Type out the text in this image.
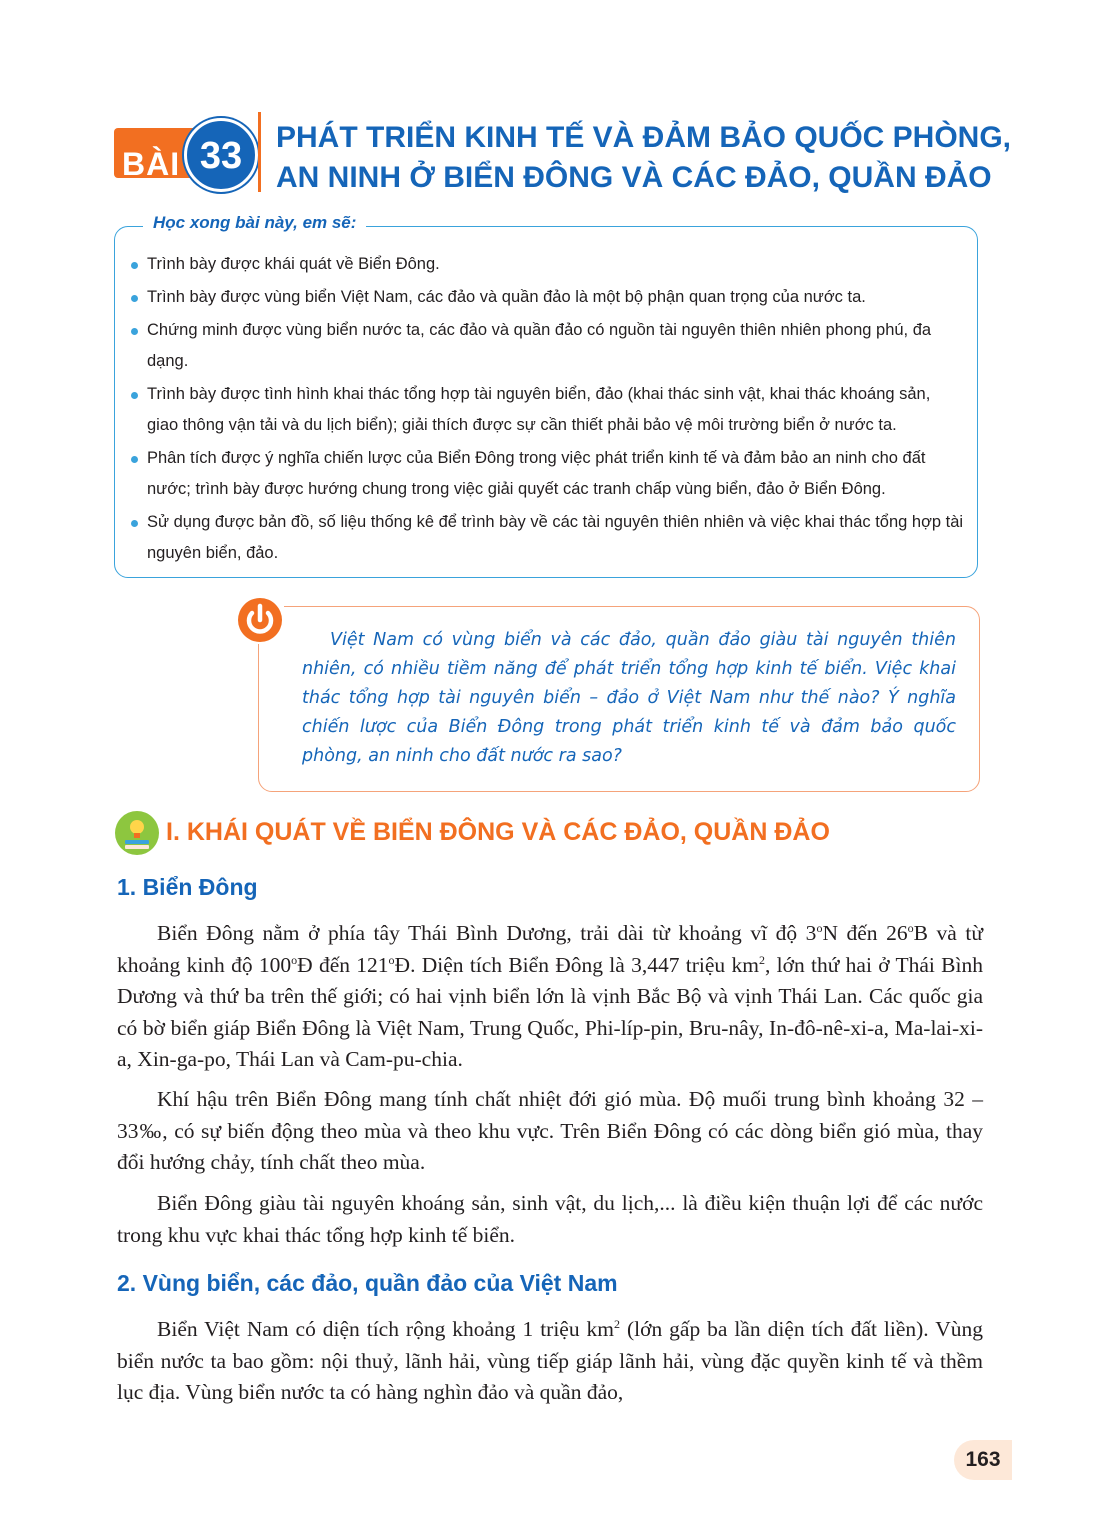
BÀI 33	PHÁT TRIỂN KINH TẾ VÀ ĐẢM BẢO QUỐC PHÒNG,
AN NINH Ở BIỂN ĐÔNG VÀ CÁC ĐẢO, QUẦN ĐẢO
Học xong bài này, em sẽ:
Trình bày được khái quát về Biển Đông.
Trình bày được vùng biển Việt Nam, các đảo và quần đảo là một bộ phận quan trọng của nước ta.
Chứng minh được vùng biển nước ta, các đảo và quần đảo có nguồn tài nguyên thiên nhiên phong phú, đa dạng.
Trình bày được tình hình khai thác tổng hợp tài nguyên biển, đảo (khai thác sinh vật, khai thác khoáng sản, giao thông vận tải và du lịch biển); giải thích được sự cần thiết phải bảo vệ môi trường biển ở nước ta.
Phân tích được ý nghĩa chiến lược của Biển Đông trong việc phát triển kinh tế và đảm bảo an ninh cho đất nước; trình bày được hướng chung trong việc giải quyết các tranh chấp vùng biển, đảo ở Biển Đông.
Sử dụng được bản đồ, số liệu thống kê để trình bày về các tài nguyên thiên nhiên và việc khai thác tổng hợp tài nguyên biển, đảo.

Việt Nam có vùng biển và các đảo, quần đảo giàu tài nguyên thiên nhiên, có nhiều tiềm năng để phát triển tổng hợp kinh tế biển. Việc khai thác tổng hợp tài nguyên biển – đảo ở Việt Nam như thế nào? Ý nghĩa chiến lược của Biển Đông trong phát triển kinh tế và đảm bảo quốc phòng, an ninh cho đất nước ra sao?

I. KHÁI QUÁT VỀ BIỂN ĐÔNG VÀ CÁC ĐẢO, QUẦN ĐẢO
1. Biển Đông

Biển Đông nằm ở phía tây Thái Bình Dương, trải dài từ khoảng vĩ độ 3$^o$N đến 26$^o$B và từ khoảng kinh độ 100$^o$Đ đến 121$^o$Đ. Diện tích Biển Đông là 3,447 triệu $km^2$, lớn thứ hai ở Thái Bình Dương và thứ ba trên thế giới; có hai vịnh biển lớn là vịnh Bắc Bộ và vịnh Thái Lan. Các quốc gia có bờ biển giáp Biển Đông là Việt Nam, Trung Quốc, Phi-líp-pin, Bru-nây, In-đô-nê-xi-a, Ma-lai-xi-a, Xin-ga-po, Thái Lan và Cam-pu-chia.

Khí hậu trên Biển Đông mang tính chất nhiệt đới gió mùa. Độ muối trung bình khoảng 32 – 33‰, có sự biến động theo mùa và theo khu vực. Trên Biển Đông có các dòng biển gió mùa, thay đổi hướng chảy, tính chất theo mùa.

Biển Đông giàu tài nguyên khoáng sản, sinh vật, du lịch,... là điều kiện thuận lợi để các nước trong khu vực khai thác tổng hợp kinh tế biển.

2. Vùng biển, các đảo, quần đảo của Việt Nam

Biển Việt Nam có diện tích rộng khoảng 1 triệu $km^2$ (lớn gấp ba lần diện tích đất liền). Vùng biển nước ta bao gồm: nội thuỷ, lãnh hải, vùng tiếp giáp lãnh hải, vùng đặc quyền kinh tế và thềm lục địa. Vùng biển nước ta có hàng nghìn đảo và quần đảo,

163
